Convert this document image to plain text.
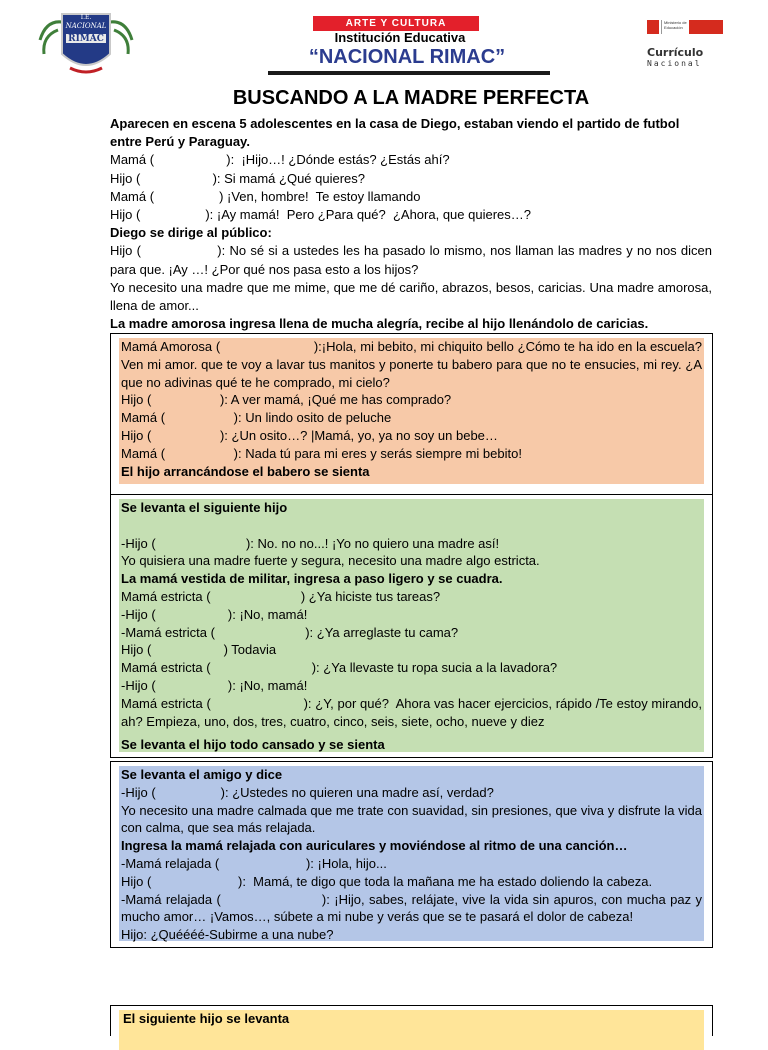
I.E.
NACIONAL
RIMAC
ARTE Y CULTURA
Institución Educativa
“NACIONAL RIMAC”
Ministerio de Educación
Currículo
Nacional
BUSCANDO A LA MADRE PERFECTA

Aparecen en escena 5 adolescentes en la casa de Diego, estaban viendo el partido de futbol entre Perú y Paraguay.

Mamá (                    ):  ¡Hijo…! ¿Dónde estás? ¿Estás ahí?

Hijo (                    ): Si mamá ¿Qué quieres?

Mamá (                  ) ¡Ven, hombre!  Te estoy llamando

Hijo (                  ): ¡Ay mamá!  Pero ¿Para qué?  ¿Ahora, que quieres…?

Diego se dirige al público:

Hijo (                  ): No sé si a ustedes les ha pasado lo mismo, nos llaman las madres y no nos dicen para que. ¡Ay …! ¿Por qué nos pasa esto a los hijos?

Yo necesito una madre que me mime, que me dé cariño, abrazos, besos, caricias. Una madre amorosa, llena de amor...

La madre amorosa ingresa llena de mucha alegría, recibe al hijo llenándolo de caricias.

Mamá Amorosa (                         ):¡Hola, mi bebito, mi chiquito bello ¿Cómo te ha ido en la escuela? Ven mi amor. que te voy a lavar tus manitos y ponerte tu babero para que no te ensucies, mi rey. ¿A que no adivinas qué te he comprado, mi cielo?

Hijo (                   ): A ver mamá, ¡Qué me has comprado?

Mamá (                   ): Un lindo osito de peluche

Hijo (                   ): ¿Un osito…? |Mamá, yo, ya no soy un bebe…

Mamá (                   ): Nada tú para mi eres y serás siempre mi bebito!

El hijo arrancándose el babero se sienta

Se levanta el siguiente hijo

-Hijo (                         ): No. no no...! ¡Yo no quiero una madre así!

Yo quisiera una madre fuerte y segura, necesito una madre algo estricta.

La mamá vestida de militar, ingresa a paso ligero y se cuadra.

Mamá estricta (                         ) ¿Ya hiciste tus tareas?

-Hijo (                    ): ¡No, mamá!

-Mamá estricta (                         ): ¿Ya arreglaste tu cama?

Hijo (                    ) Todavia

Mamá estricta (                            ): ¿Ya llevaste tu ropa sucia a la lavadora?

-Hijo (                    ): ¡No, mamá!

Mamá estricta (                         ): ¿Y, por qué?  Ahora vas hacer ejercicios, rápido /Te estoy mirando, ah? Empieza, uno, dos, tres, cuatro, cinco, seis, siete, ocho, nueve y diez

Se levanta el hijo todo cansado y se sienta

Se levanta el amigo y dice

-Hijo (                  ): ¿Ustedes no quieren una madre así, verdad?

Yo necesito una madre calmada que me trate con suavidad, sin presiones, que viva y disfrute la vida con calma, que sea más relajada.

Ingresa la mamá relajada con auriculares y moviéndose al ritmo de una canción…

-Mamá relajada (                        ): ¡Hola, hijo...

Hijo (                        ):  Mamá, te digo que toda la mañana me ha estado doliendo la cabeza.

-Mamá relajada (                       ): ¡Hijo, sabes, relájate, vive la vida sin apuros, con mucha paz y mucho amor… ¡Vamos…, súbete a mi nube y verás que se te pasará el dolor de cabeza!

Hijo: ¿Quéééé-Subirme a una nube?

El siguiente hijo se levanta
